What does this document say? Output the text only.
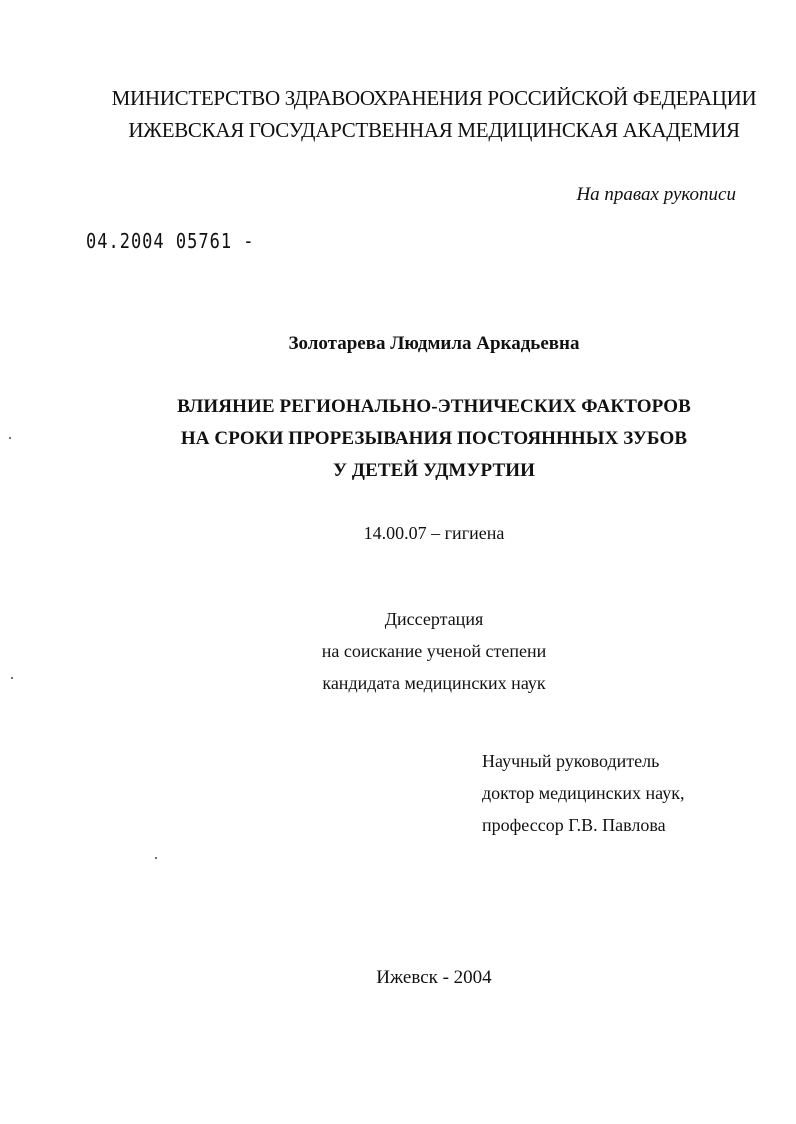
МИНИСТЕРСТВО ЗДРАВООХРАНЕНИЯ РОССИЙСКОЙ ФЕДЕРАЦИИ
ИЖЕВСКАЯ ГОСУДАРСТВЕННАЯ МЕДИЦИНСКАЯ АКАДЕМИЯ
На правах рукописи
04.2004 05761 -
Золотарева Людмила Аркадьевна
ВЛИЯНИЕ РЕГИОНАЛЬНО-ЭТНИЧЕСКИХ ФАКТОРОВ
НА СРОКИ ПРОРЕЗЫВАНИЯ ПОСТОЯНННЫХ ЗУБОВ
У ДЕТЕЙ УДМУРТИИ
14.00.07 – гигиена
Диссертация
на соискание ученой степени
кандидата медицинских наук
Научный руководитель
доктор медицинских наук,
профессор Г.В. Павлова
Ижевск - 2004
